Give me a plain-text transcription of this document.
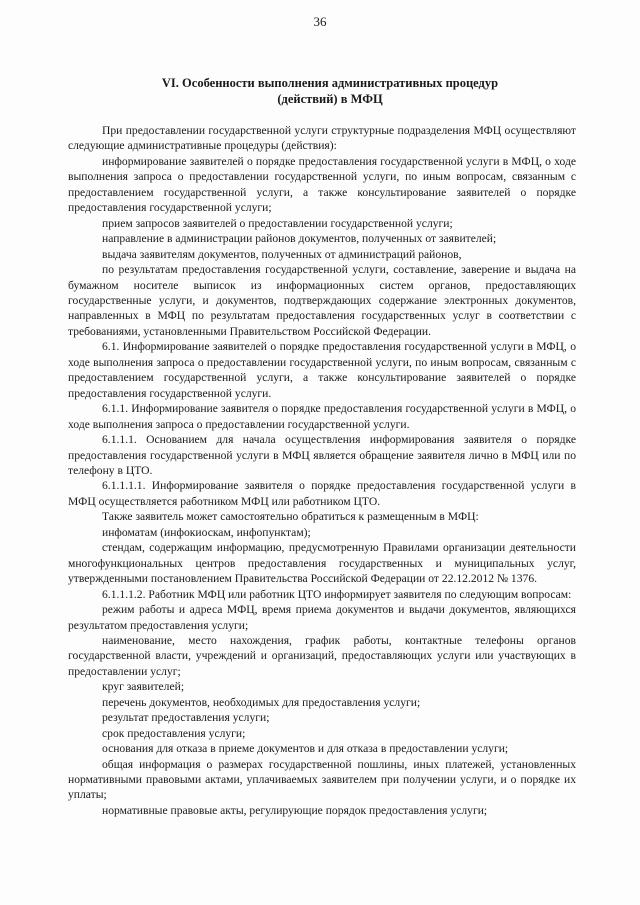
36
VI. Особенности выполнения административных процедур
(действий) в МФЦ

При предоставлении государственной услуги структурные подразделения МФЦ осуществляют следующие административные процедуры (действия):

информирование заявителей о порядке предоставления государственной услуги в МФЦ, о ходе выполнения запроса о предоставлении государственной услуги, по иным вопросам, связанным с предоставлением государственной услуги, а также консультирование заявителей о порядке предоставления государственной услуги;

прием запросов заявителей о предоставлении государственной услуги;

направление в администрации районов документов, полученных от заявителей;

выдача заявителям документов, полученных от администраций районов,

по результатам предоставления государственной услуги, составление, заверение и выдача на бумажном носителе выписок из информационных систем органов, предоставляющих государственные услуги, и документов, подтверждающих содержание электронных документов, направленных в МФЦ по результатам предоставления государственных услуг в соответствии с требованиями, установленными Правительством Российской Федерации.

6.1. Информирование заявителей о порядке предоставления государственной услуги в МФЦ, о ходе выполнения запроса о предоставлении государственной услуги, по иным вопросам, связанным с предоставлением государственной услуги, а также консультирование заявителей о порядке предоставления государственной услуги.

6.1.1. Информирование заявителя о порядке предоставления государственной услуги в МФЦ, о ходе выполнения запроса о предоставлении государственной услуги.

6.1.1.1. Основанием для начала осуществления информирования заявителя о порядке предоставления государственной услуги в МФЦ является обращение заявителя лично в МФЦ или по телефону в ЦТО.

6.1.1.1.1. Информирование заявителя о порядке предоставления государственной услуги в МФЦ осуществляется работником МФЦ или работником ЦТО.

Также заявитель может самостоятельно обратиться к размещенным в МФЦ:

инфоматам (инфокиоскам, инфопунктам);

стендам, содержащим информацию, предусмотренную Правилами организации деятельности многофункциональных центров предоставления государственных и муниципальных услуг, утвержденными постановлением Правительства Российской Федерации от 22.12.2012 № 1376.

6.1.1.1.2. Работник МФЦ или работник ЦТО информирует заявителя по следующим вопросам:

режим работы и адреса МФЦ, время приема документов и выдачи документов, являющихся результатом предоставления услуги;

наименование, место нахождения, график работы, контактные телефоны органов государственной власти, учреждений и организаций, предоставляющих услуги или участвующих в предоставлении услуг;

круг заявителей;

перечень документов, необходимых для предоставления услуги;

результат предоставления услуги;

срок предоставления услуги;

основания для отказа в приеме документов и для отказа в предоставлении услуги;

общая информация о размерах государственной пошлины, иных платежей, установленных нормативными правовыми актами, уплачиваемых заявителем при получении услуги, и о порядке их уплаты;

нормативные правовые акты, регулирующие порядок предоставления услуги;
